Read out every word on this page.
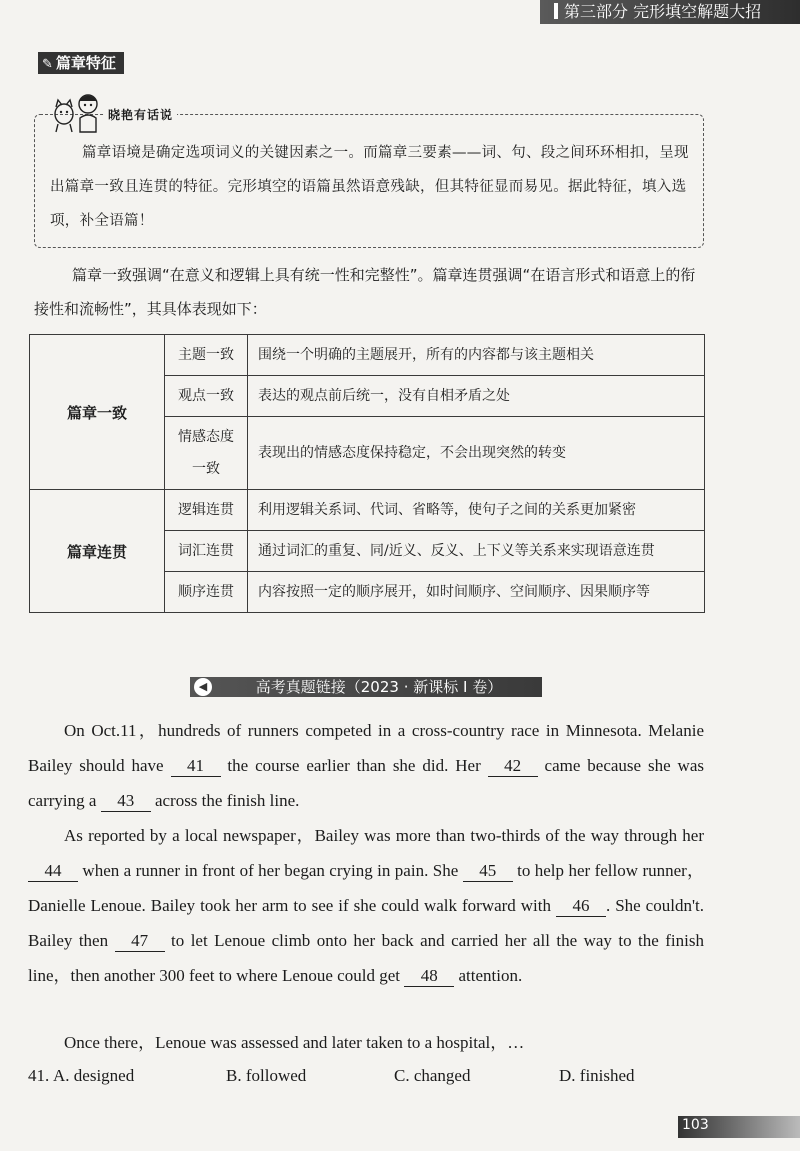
第三部分 完形填空解题大招
✎ 篇章特征
晓艳有话说
篇章语境是确定选项词义的关键因素之一。而篇章三要素——词、句、段之间环环相扣，呈现出篇章一致且连贯的特征。完形填空的语篇虽然语意残缺，但其特征显而易见。据此特征，填入选项，补全语篇！
篇章一致强调“在意义和逻辑上具有统一性和完整性”。篇章连贯强调“在语言形式和语意上的衔接性和流畅性”，其具体表现如下：
篇章一致	主题一致	围绕一个明确的主题展开，所有的内容都与该主题相关
	观点一致	表达的观点前后统一，没有自相矛盾之处
	情感态度一致	表现出的情感态度保持稳定，不会出现突然的转变
篇章连贯	逻辑连贯	利用逻辑关系词、代词、省略等，使句子之间的关系更加紧密
	词汇连贯	通过词汇的重复、同/近义、反义、上下义等关系来实现语意连贯
	顺序连贯	内容按照一定的顺序展开，如时间顺序、空间顺序、因果顺序等
◀	高考真题链接（2023 · 新课标 Ⅰ 卷）

On Oct.11，hundreds of runners competed in a cross-country race in Minnesota. Melanie Bailey should have 41 the course earlier than she did. Her 42 came because she was carrying a 43 across the finish line.

As reported by a local newspaper，Bailey was more than two-thirds of the way through her 44 when a runner in front of her began crying in pain. She 45 to help her fellow runner，Danielle Lenoue. Bailey took her arm to see if she could walk forward with 46 . She couldn't. Bailey then 47 to let Lenoue climb onto her back and carried her all the way to the finish line，then another 300 feet to where Lenoue could get 48 attention.

Once there，Lenoue was assessed and later taken to a hospital，…

41. A. designed	B. followed	C. changed	D. finished
103
